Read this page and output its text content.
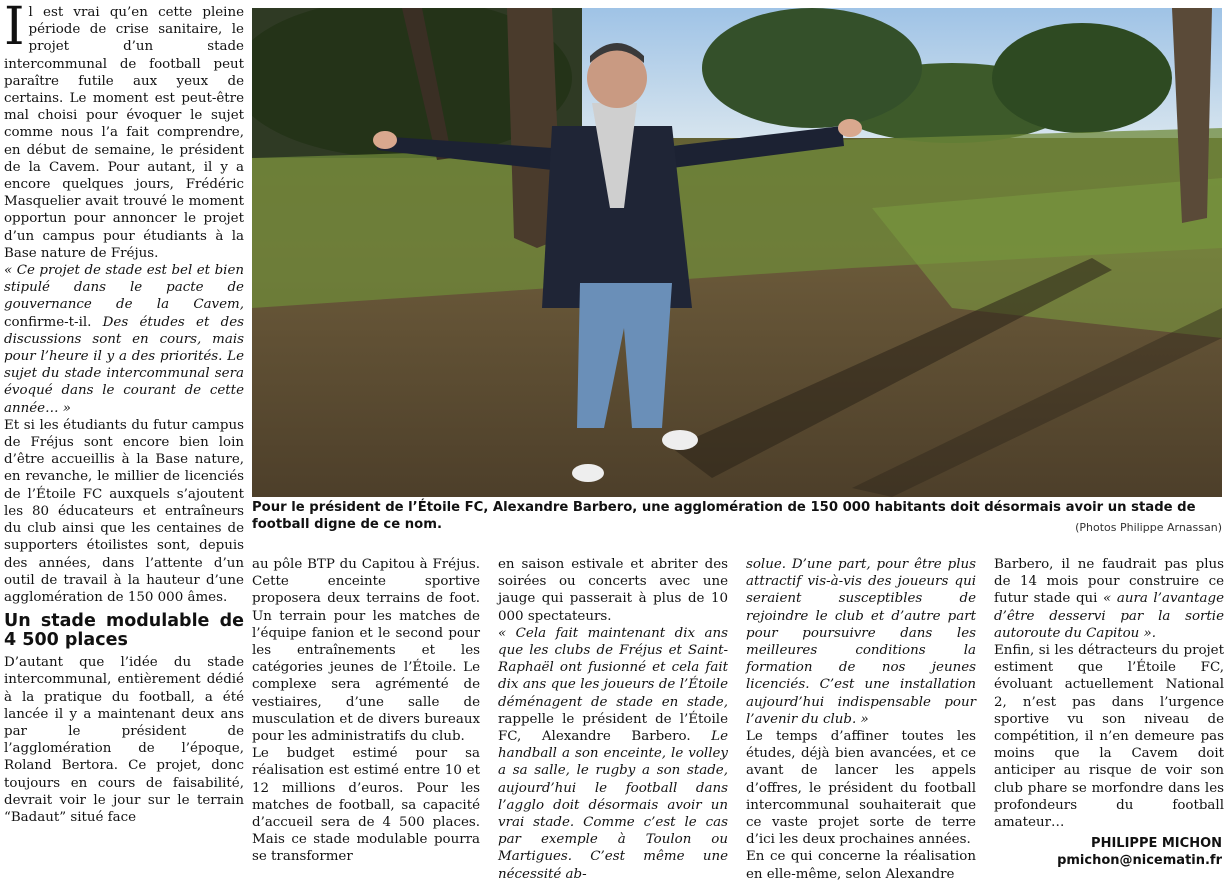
Il est vrai qu’en cette pleine période de crise sanitaire, le projet d’un stade intercommunal de football peut paraître futile aux yeux de certains. Le moment est peut-être mal choisi pour évoquer le sujet comme nous l’a fait comprendre, en début de semaine, le président de la Cavem. Pour autant, il y a encore quelques jours, Frédéric Masquelier avait trouvé le moment opportun pour annoncer le projet d’un campus pour étudiants à la Base nature de Fréjus.

« Ce projet de stade est bel et bien stipulé dans le pacte de gouvernance de la Cavem, confirme-t-il. Des études et des discussions sont en cours, mais pour l’heure il y a des priorités. Le sujet du stade intercommunal sera évoqué dans le courant de cette année… »

Et si les étudiants du futur campus de Fréjus sont encore bien loin d’être accueillis à la Base nature, en revanche, le millier de licenciés de l’Étoile FC auxquels s’ajoutent les 80 éducateurs et entraîneurs du club ainsi que les centaines de supporters étoilistes sont, depuis des années, dans l’attente d’un outil de travail à la hauteur d’une agglomération de 150 000 âmes.

Un stade modulable de 4 500 places

D’autant que l’idée du stade intercommunal, entièrement dédié à la pratique du football, a été lancée il y a maintenant deux ans par le président de l’agglomération de l’époque, Roland Bertora. Ce projet, donc toujours en cours de faisabilité, devrait voir le jour sur le terrain “Badaut” situé face

Pour le président de l’Étoile FC, Alexandre Barbero, une agglomération de 150 000 habitants doit désormais avoir un stade de football digne de ce nom.	(Photos Philippe Arnassan)

au pôle BTP du Capitou à Fréjus. Cette enceinte sportive proposera deux terrains de foot. Un terrain pour les matches de l’équipe fanion et le second pour les entraînements et les catégories jeunes de l’Étoile. Le complexe sera agrémenté de vestiaires, d’une salle de musculation et de divers bureaux pour les administratifs du club.

Le budget estimé pour sa réalisation est estimé entre 10 et 12 millions d’euros. Pour les matches de football, sa capacité d’accueil sera de 4 500 places. Mais ce stade modulable pourra se transformer

en saison estivale et abriter des soirées ou concerts avec une jauge qui passerait à plus de 10 000 spectateurs.

« Cela fait maintenant dix ans que les clubs de Fréjus et Saint-Raphaël ont fusionné et cela fait dix ans que les joueurs de l’Étoile déménagent de stade en stade, rappelle le président de l’Étoile FC, Alexandre Barbero. Le handball a son enceinte, le volley a sa salle, le rugby a son stade, aujourd’hui le football dans l’agglo doit désormais avoir un vrai stade. Comme c’est le cas par exemple à Toulon ou Martigues. C’est même une nécessité ab-

solue. D’une part, pour être plus attractif vis-à-vis des joueurs qui seraient susceptibles de rejoindre le club et d’autre part pour poursuivre dans les meilleures conditions la formation de nos jeunes licenciés. C’est une installation aujourd’hui indispensable pour l’avenir du club. »

Le temps d’affiner toutes les études, déjà bien avancées, et ce avant de lancer les appels d’offres, le président du football intercommunal souhaiterait que ce vaste projet sorte de terre d’ici les deux prochaines années.

En ce qui concerne la réalisation en elle-même, selon Alexandre

Barbero, il ne faudrait pas plus de 14 mois pour construire ce futur stade qui « aura l’avantage d’être desservi par la sortie autoroute du Capitou ».

Enfin, si les détracteurs du projet estiment que l’Étoile FC, évoluant actuellement National 2, n’est pas dans l’urgence sportive vu son niveau de compétition, il n’en demeure pas moins que la Cavem doit anticiper au risque de voir son club phare se morfondre dans les profondeurs du football amateur…

PHILIPPE MICHON
pmichon@nicematin.fr
